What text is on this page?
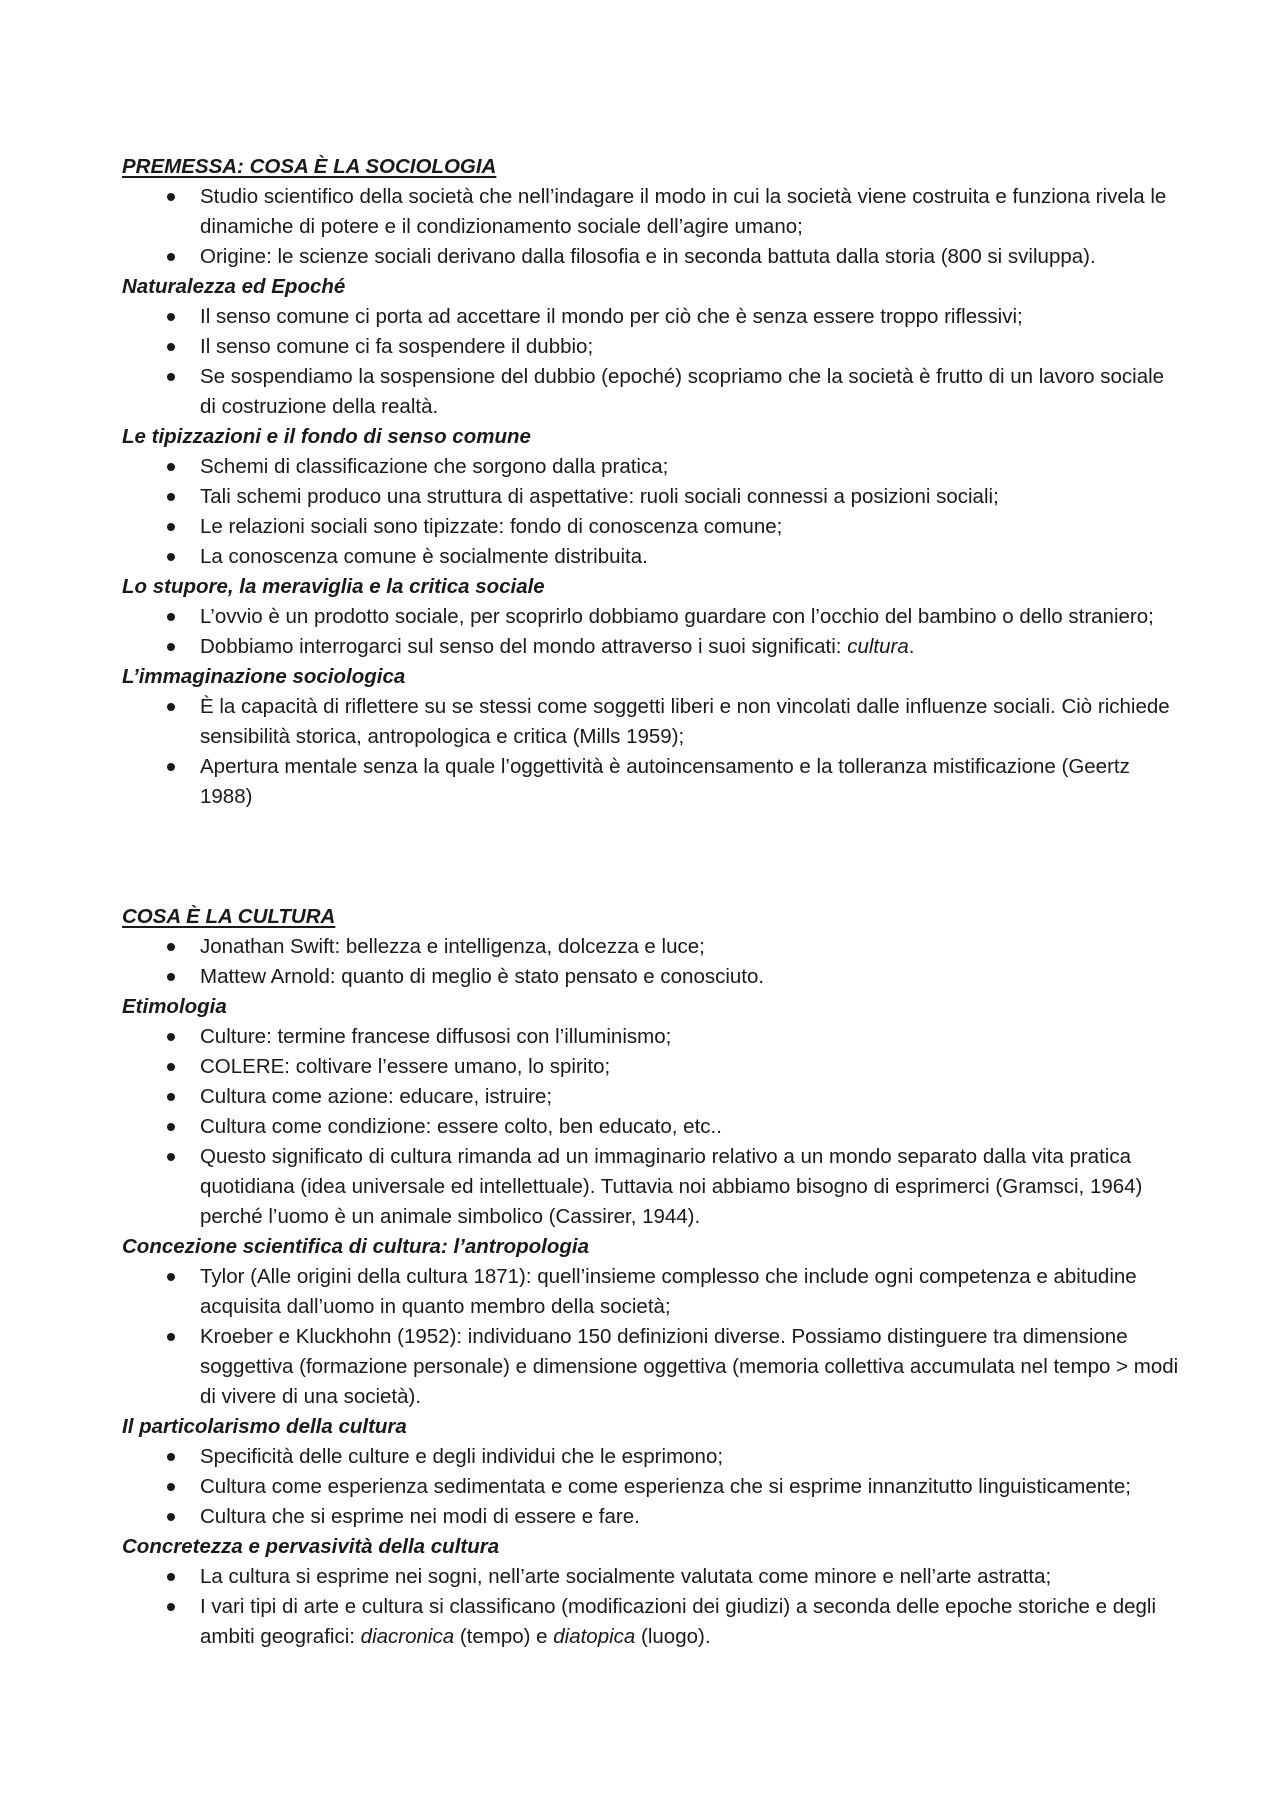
PREMESSA: COSA È LA SOCIOLOGIA
Studio scientifico della società che nell’indagare il modo in cui la società viene costruita e funziona rivela le dinamiche di potere e il condizionamento sociale dell’agire umano;
Origine: le scienze sociali derivano dalla filosofia e in seconda battuta dalla storia (800 si sviluppa).
Naturalezza ed Epoché
Il senso comune ci porta ad accettare il mondo per ciò che è senza essere troppo riflessivi;
Il senso comune ci fa sospendere il dubbio;
Se sospendiamo la sospensione del dubbio (epoché) scopriamo che la società è frutto di un lavoro sociale di costruzione della realtà.
Le tipizzazioni e il fondo di senso comune
Schemi di classificazione che sorgono dalla pratica;
Tali schemi produco una struttura di aspettative: ruoli sociali connessi a posizioni sociali;
Le relazioni sociali sono tipizzate: fondo di conoscenza comune;
La conoscenza comune è socialmente distribuita.
Lo stupore, la meraviglia e la critica sociale
L’ovvio è un prodotto sociale, per scoprirlo dobbiamo guardare con l’occhio del bambino o dello straniero;
Dobbiamo interrogarci sul senso del mondo attraverso i suoi significati: cultura.
L’immaginazione sociologica
È la capacità di riflettere su se stessi come soggetti liberi e non vincolati dalle influenze sociali. Ciò richiede sensibilità storica, antropologica e critica (Mills 1959);
Apertura mentale senza la quale l’oggettività è autoincensamento e la tolleranza mistificazione (Geertz 1988)
COSA È LA CULTURA
Jonathan Swift: bellezza e intelligenza, dolcezza e luce;
Mattew Arnold: quanto di meglio è stato pensato e conosciuto.
Etimologia
Culture: termine francese diffusosi con l’illuminismo;
COLERE: coltivare l’essere umano, lo spirito;
Cultura come azione: educare, istruire;
Cultura come condizione: essere colto, ben educato, etc..
Questo significato di cultura rimanda ad un immaginario relativo a un mondo separato dalla vita pratica quotidiana (idea universale ed intellettuale). Tuttavia noi abbiamo bisogno di esprimerci (Gramsci, 1964) perché l’uomo è un animale simbolico (Cassirer, 1944).
Concezione scientifica di cultura: l’antropologia
Tylor (Alle origini della cultura 1871): quell’insieme complesso che include ogni competenza e abitudine acquisita dall’uomo in quanto membro della società;
Kroeber e Kluckhohn (1952): individuano 150 definizioni diverse. Possiamo distinguere tra dimensione soggettiva (formazione personale) e dimensione oggettiva (memoria collettiva accumulata nel tempo > modi di vivere di una società).
Il particolarismo della cultura
Specificità delle culture e degli individui che le esprimono;
Cultura come esperienza sedimentata e come esperienza che si esprime innanzitutto linguisticamente;
Cultura che si esprime nei modi di essere e fare.
Concretezza e pervasività della cultura
La cultura si esprime nei sogni, nell’arte socialmente valutata come minore e nell’arte astratta;
I vari tipi di arte e cultura si classificano (modificazioni dei giudizi) a seconda delle epoche storiche e degli ambiti geografici: diacronica (tempo) e diatopica (luogo).
